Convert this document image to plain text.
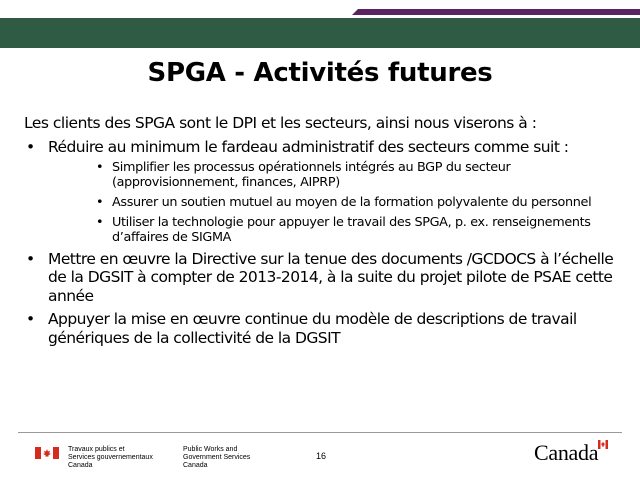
SPGA - Activités futures
Les clients des SPGA sont le DPI et les secteurs, ainsi nous viserons à :
• Réduire au minimum le fardeau administratif des secteurs comme suit :
• Simplifier les processus opérationnels intégrés au BGP du secteur (approvisionnement, finances, AIPRP)
• Assurer un soutien mutuel au moyen de la formation polyvalente du personnel
• Utiliser la technologie pour appuyer le travail des SPGA, p. ex. renseignements d’affaires de SIGMA
• Mettre en œuvre la Directive sur la tenue des documents /GCDOCS à l’échelle de la DGSIT à compter de 2013-2014, à la suite du projet pilote de PSAE cette année
• Appuyer la mise en œuvre continue du modèle de descriptions de travail génériques de la collectivité de la DGSIT
Travaux publics et
Services gouvernementaux
Canada
Public Works and
Government Services
Canada
16	Canada
